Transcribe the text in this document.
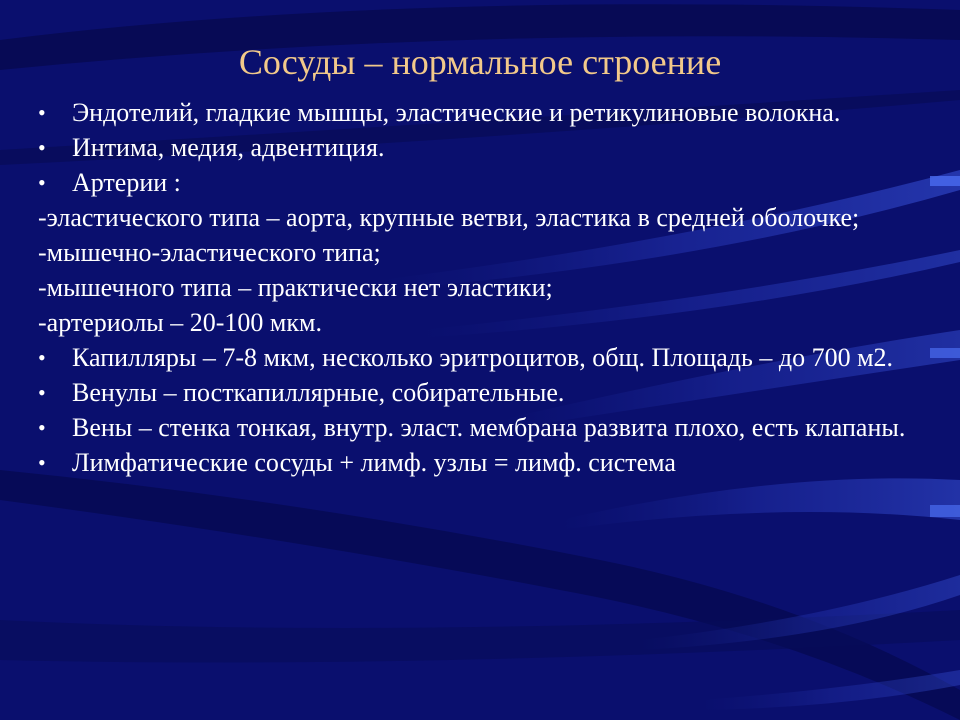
Сосуды – нормальное строение
• Эндотелий, гладкие мышцы, эластические и ретикулиновые волокна.
• Интима, медия, адвентиция.
• Артерии :
-эластического типа – аорта, крупные ветви, эластика в средней оболочке;
-мышечно-эластического типа;
-мышечного типа – практически нет эластики;
-артериолы – 20-100 мкм.
• Капилляры – 7-8 мкм, несколько эритроцитов, общ. Площадь – до 700 м2.
• Венулы – посткапиллярные, собирательные.
• Вены – стенка тонкая, внутр. эласт. мембрана развита плохо, есть клапаны.
• Лимфатические сосуды + лимф. узлы = лимф. система
